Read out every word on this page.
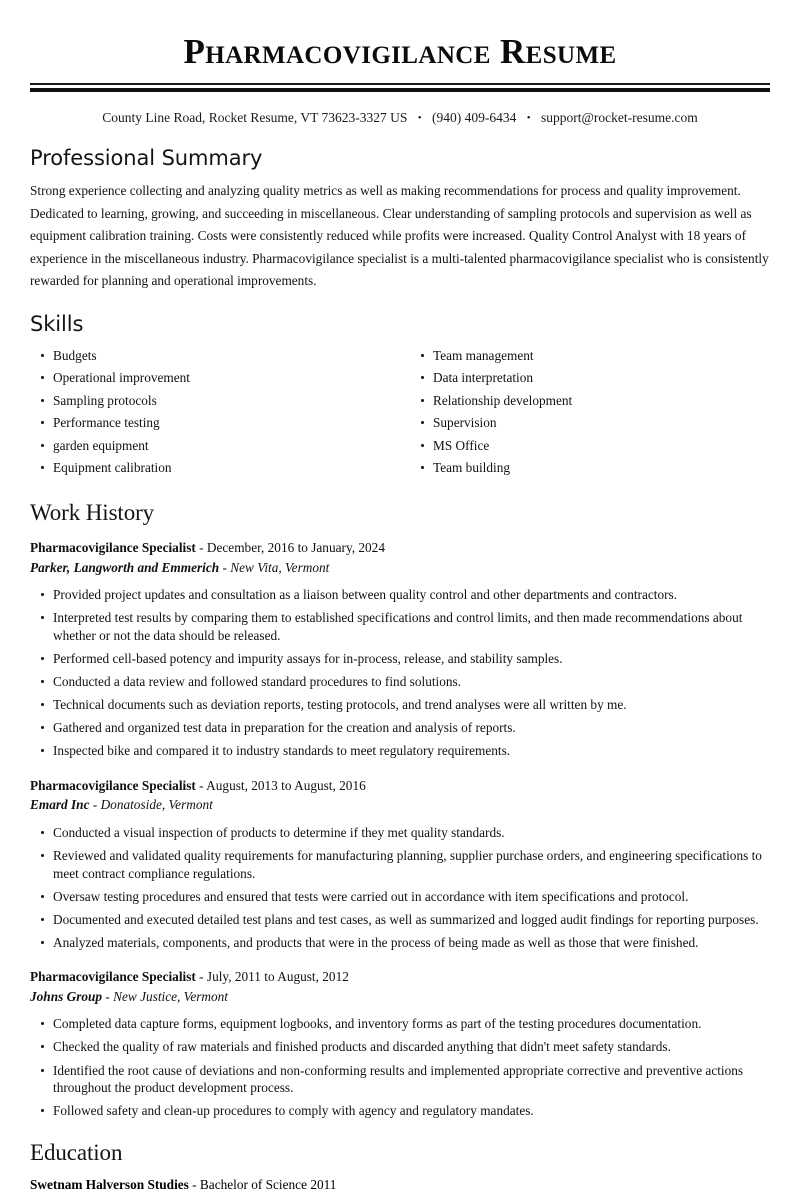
Pharmacovigilance Resume
County Line Road, Rocket Resume, VT 73623-3327 US • (940) 409-6434 • support@rocket-resume.com
Professional Summary

Strong experience collecting and analyzing quality metrics as well as making recommendations for process and quality improvement. Dedicated to learning, growing, and succeeding in miscellaneous. Clear understanding of sampling protocols and supervision as well as equipment calibration training. Costs were consistently reduced while profits were increased. Quality Control Analyst with 18 years of experience in the miscellaneous industry. Pharmacovigilance specialist is a multi-talented pharmacovigilance specialist who is consistently rewarded for planning and operational improvements.

Skills
Budgets
Operational improvement
Sampling protocols
Performance testing
garden equipment
Equipment calibration
Team management
Data interpretation
Relationship development
Supervision
MS Office
Team building
Work History
Pharmacovigilance Specialist - December, 2016 to January, 2024
Parker, Langworth and Emmerich - New Vita, Vermont
Provided project updates and consultation as a liaison between quality control and other departments and contractors.
Interpreted test results by comparing them to established specifications and control limits, and then made recommendations about whether or not the data should be released.
Performed cell-based potency and impurity assays for in-process, release, and stability samples.
Conducted a data review and followed standard procedures to find solutions.
Technical documents such as deviation reports, testing protocols, and trend analyses were all written by me.
Gathered and organized test data in preparation for the creation and analysis of reports.
Inspected bike and compared it to industry standards to meet regulatory requirements.
Pharmacovigilance Specialist - August, 2013 to August, 2016
Emard Inc - Donatoside, Vermont
Conducted a visual inspection of products to determine if they met quality standards.
Reviewed and validated quality requirements for manufacturing planning, supplier purchase orders, and engineering specifications to meet contract compliance regulations.
Oversaw testing procedures and ensured that tests were carried out in accordance with item specifications and protocol.
Documented and executed detailed test plans and test cases, as well as summarized and logged audit findings for reporting purposes.
Analyzed materials, components, and products that were in the process of being made as well as those that were finished.
Pharmacovigilance Specialist - July, 2011 to August, 2012
Johns Group - New Justice, Vermont
Completed data capture forms, equipment logbooks, and inventory forms as part of the testing procedures documentation.
Checked the quality of raw materials and finished products and discarded anything that didn't meet safety standards.
Identified the root cause of deviations and non-conforming results and implemented appropriate corrective and preventive actions throughout the product development process.
Followed safety and clean-up procedures to comply with agency and regulatory mandates.
Education
Swetnam Halverson Studies - Bachelor of Science 2011
